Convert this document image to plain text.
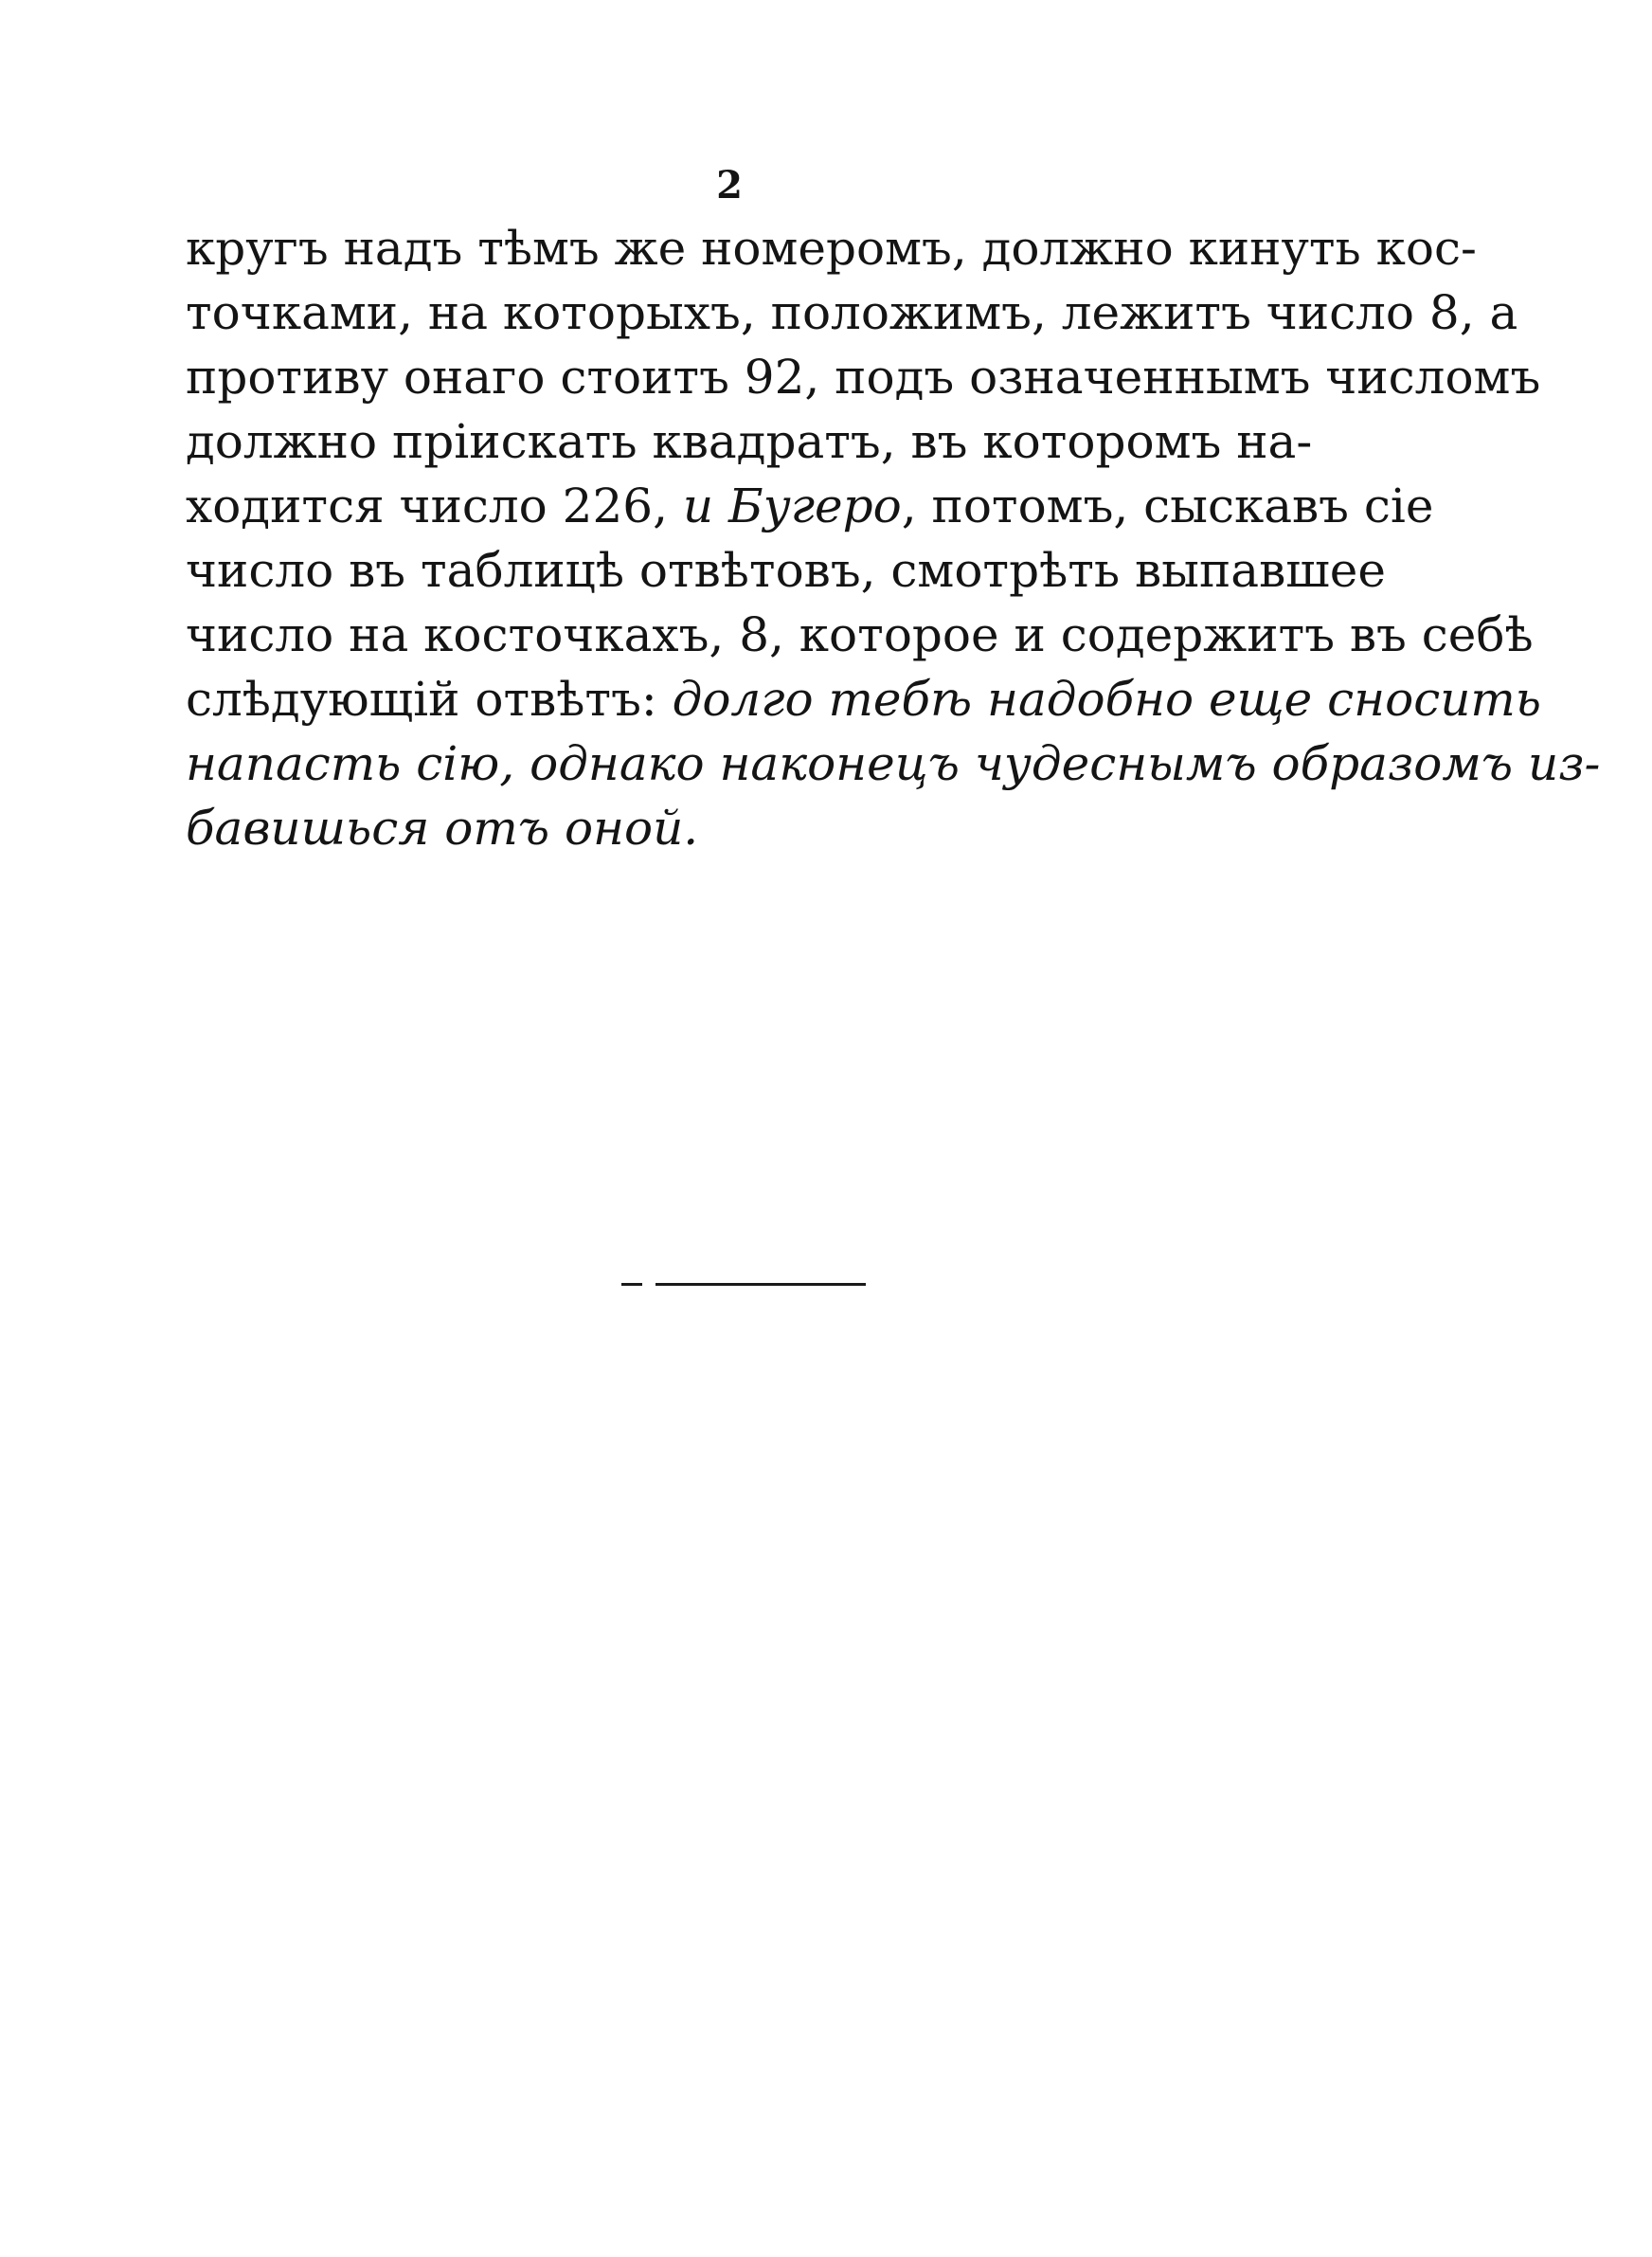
2
кругъ надъ тѣмъ же номеромъ, должно кинуть кос-
точками, на которыхъ, положимъ, лежитъ число 8, а
противу онаго стоитъ 92, подъ означеннымъ числомъ
должно пріискать квадратъ, въ которомъ на-
ходится число 226, и Бугеро, потомъ, сыскавъ сіе
число въ таблицѣ отвѣтовъ, смотрѣть выпавшее
число на косточкахъ, 8, которое и содержитъ въ себѣ
слѣдующій отвѣтъ: долго тебѣ надобно еще сносить
напасть сію, однако наконецъ чудеснымъ образомъ из-
бавишься отъ оной.
